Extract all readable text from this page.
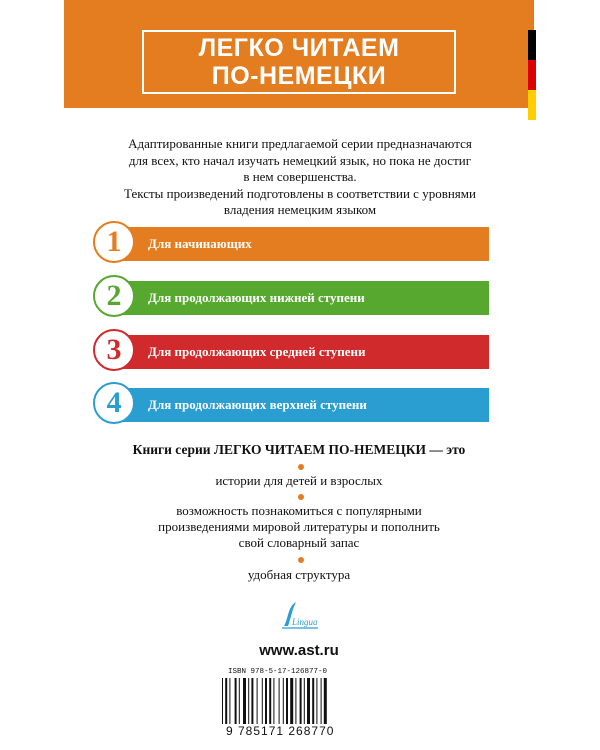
ЛЕГКО ЧИТАЕМ
ПО-НЕМЕЦКИ
Адаптированные книги предлагаемой серии предназначаются
для всех, кто начал изучать немецкий язык, но пока не достиг
в нем совершенства.
Тексты произведений подготовлены в соответствии с уровнями
владения немецким языком
1	Для начинающих
2	Для продолжающих нижней ступени
3	Для продолжающих средней ступени
4	Для продолжающих верхней ступени
Книги серии ЛЕГКО ЧИТАЕМ ПО-НЕМЕЦКИ — это
истории для детей и взрослых
возможность познакомиться с популярными
произведениями мировой литературы и пополнить
свой словарный запас
удобная структура
Lingua
www.ast.ru
ISBN 978-5-17-126877-0
9 785171 268770
